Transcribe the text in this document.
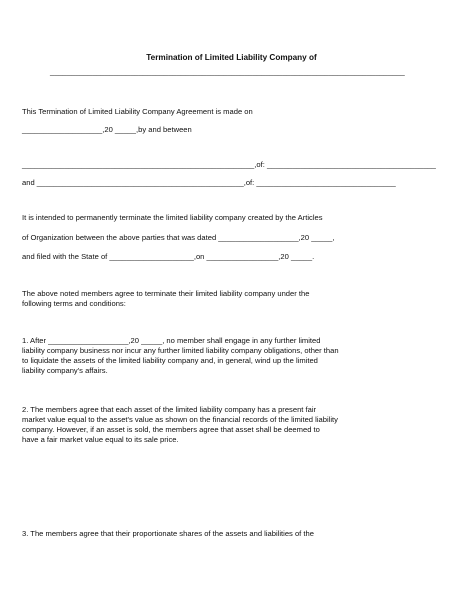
Termination of Limited Liability Company of
____________________________________________________________________________________
This Termination of Limited Liability Company Agreement is made on
___________________,20 _____,by and between
_______________________________________________________,of: ________________________________________
and _________________________________________________,of: _________________________________
It is intended to permanently terminate the limited liability company created by the Articles
of Organization between the above parties that was dated ___________________,20 _____,
and filed with the State of ____________________,on _________________,20 _____.
The above noted members agree to terminate their limited liability company under the
following terms and conditions:

1. After ___________________,20 _____, no member shall engage in any further limited

liability company business nor incur any further limited liability company obligations, other than

to liquidate the assets of the limited liability company and, in general, wind up the limited

liability company's affairs.

2. The members agree that each asset of the limited liability company has a present fair

market value equal to the asset's value as shown on the financial records of the limited liability

company. However, if an asset is sold, the members agree that asset shall be deemed to

have a fair market value equal to its sale price.

3. The members agree that their proportionate shares of the assets and liabilities of the
